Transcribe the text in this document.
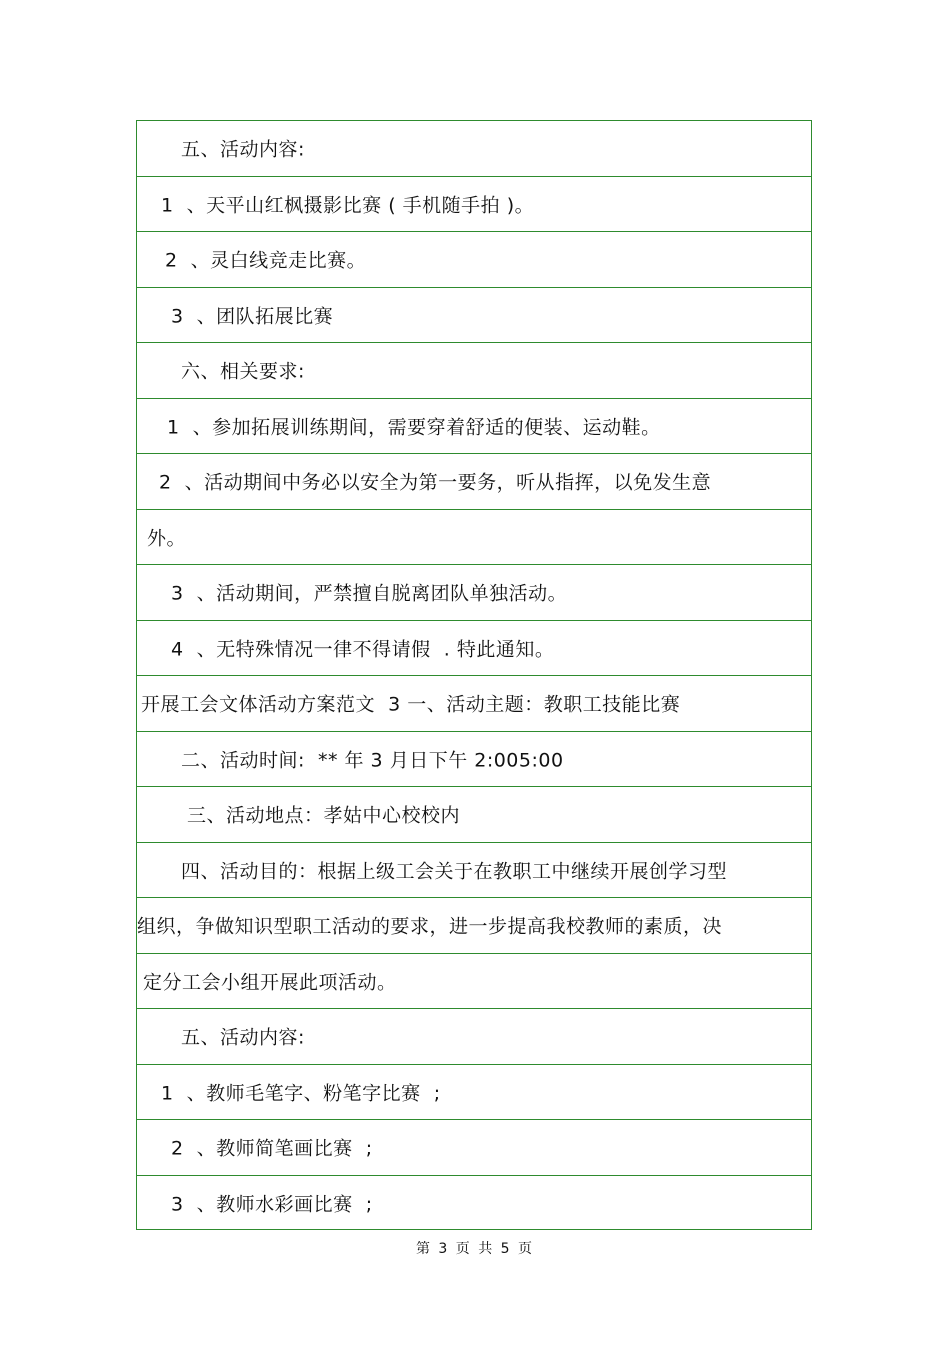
五、活动内容:
1  、天平山红枫摄影比赛 ( 手机随手拍 )。
2  、灵白线竞走比赛。
3  、团队拓展比赛
六、相关要求:
1  、参加拓展训练期间，需要穿着舒适的便装、运动鞋。
2  、活动期间中务必以安全为第一要务，听从指挥，以免发生意
外。
3  、活动期间，严禁擅自脱离团队单独活动。
4  、无特殊情况一律不得请假  . 特此通知。
开展工会文体活动方案范文  3 一、活动主题：教职工技能比赛
二、活动时间:  ** 年 3 月日下午 2:005:00
三、活动地点：孝姑中心校校内
四、活动目的：根据上级工会关于在教职工中继续开展创学习型
组织，争做知识型职工活动的要求，进一步提高我校教师的素质，决
定分工会小组开展此项活动。
五、活动内容:
1  、教师毛笔字、粉笔字比赛  ;
2  、教师简笔画比赛  ;
3  、教师水彩画比赛  ;
第 3 页 共 5 页
